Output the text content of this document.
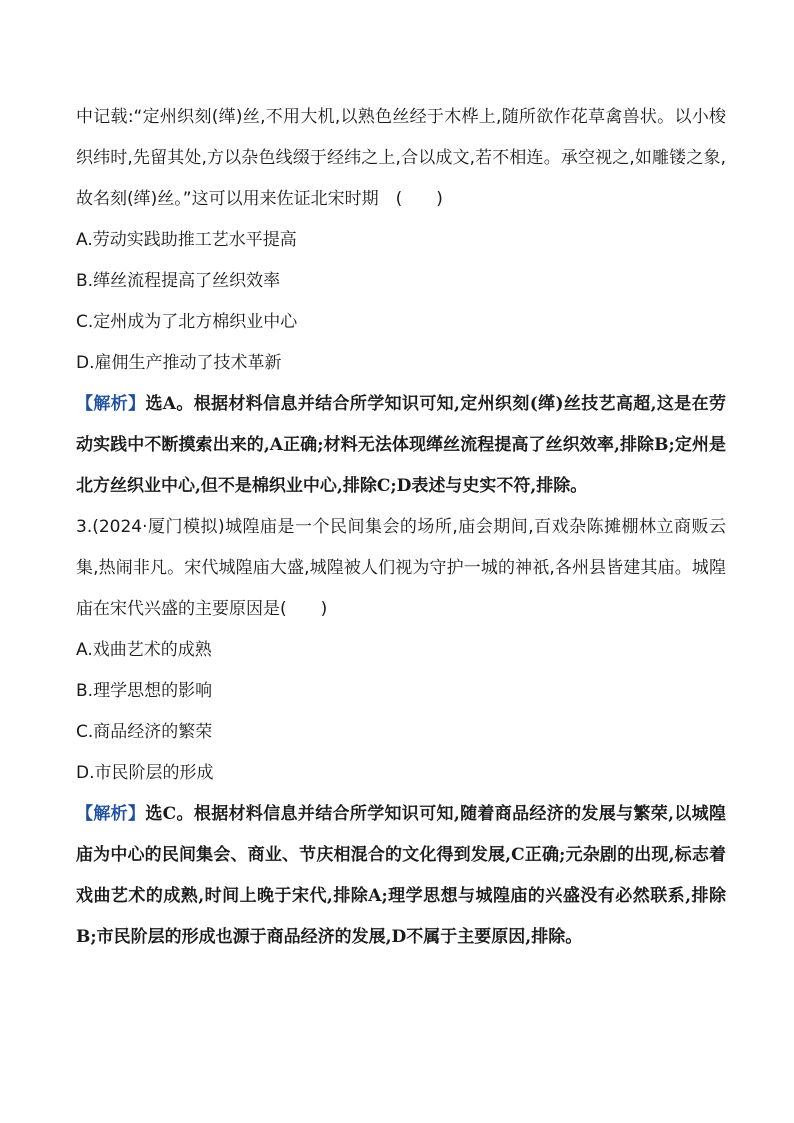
中记载:“定州织刻(缂)丝,不用大机,以熟色丝经于木桦上,随所欲作花草禽兽状。以小梭织纬时,先留其处,方以杂色线缀于经纬之上,合以成文,若不相连。承空视之,如雕镂之象,故名刻(缂)丝。”这可以用来佐证北宋时期　(　　)

A.劳动实践助推工艺水平提高

B.缂丝流程提高了丝织效率

C.定州成为了北方棉织业中心

D.雇佣生产推动了技术革新

【解析】选A。根据材料信息并结合所学知识可知,定州织刻(缂)丝技艺高超,这是在劳动实践中不断摸索出来的,A正确;材料无法体现缂丝流程提高了丝织效率,排除B;定州是北方丝织业中心,但不是棉织业中心,排除C;D表述与史实不符,排除。

3.(2024·厦门模拟)城隍庙是一个民间集会的场所,庙会期间,百戏杂陈摊棚林立商贩云集,热闹非凡。宋代城隍庙大盛,城隍被人们视为守护一城的神祇,各州县皆建其庙。城隍庙在宋代兴盛的主要原因是(　　)

A.戏曲艺术的成熟

B.理学思想的影响

C.商品经济的繁荣

D.市民阶层的形成

【解析】选C。根据材料信息并结合所学知识可知,随着商品经济的发展与繁荣,以城隍庙为中心的民间集会、商业、节庆相混合的文化得到发展,C正确;元杂剧的出现,标志着戏曲艺术的成熟,时间上晚于宋代,排除A;理学思想与城隍庙的兴盛没有必然联系,排除B;市民阶层的形成也源于商品经济的发展,D不属于主要原因,排除。
